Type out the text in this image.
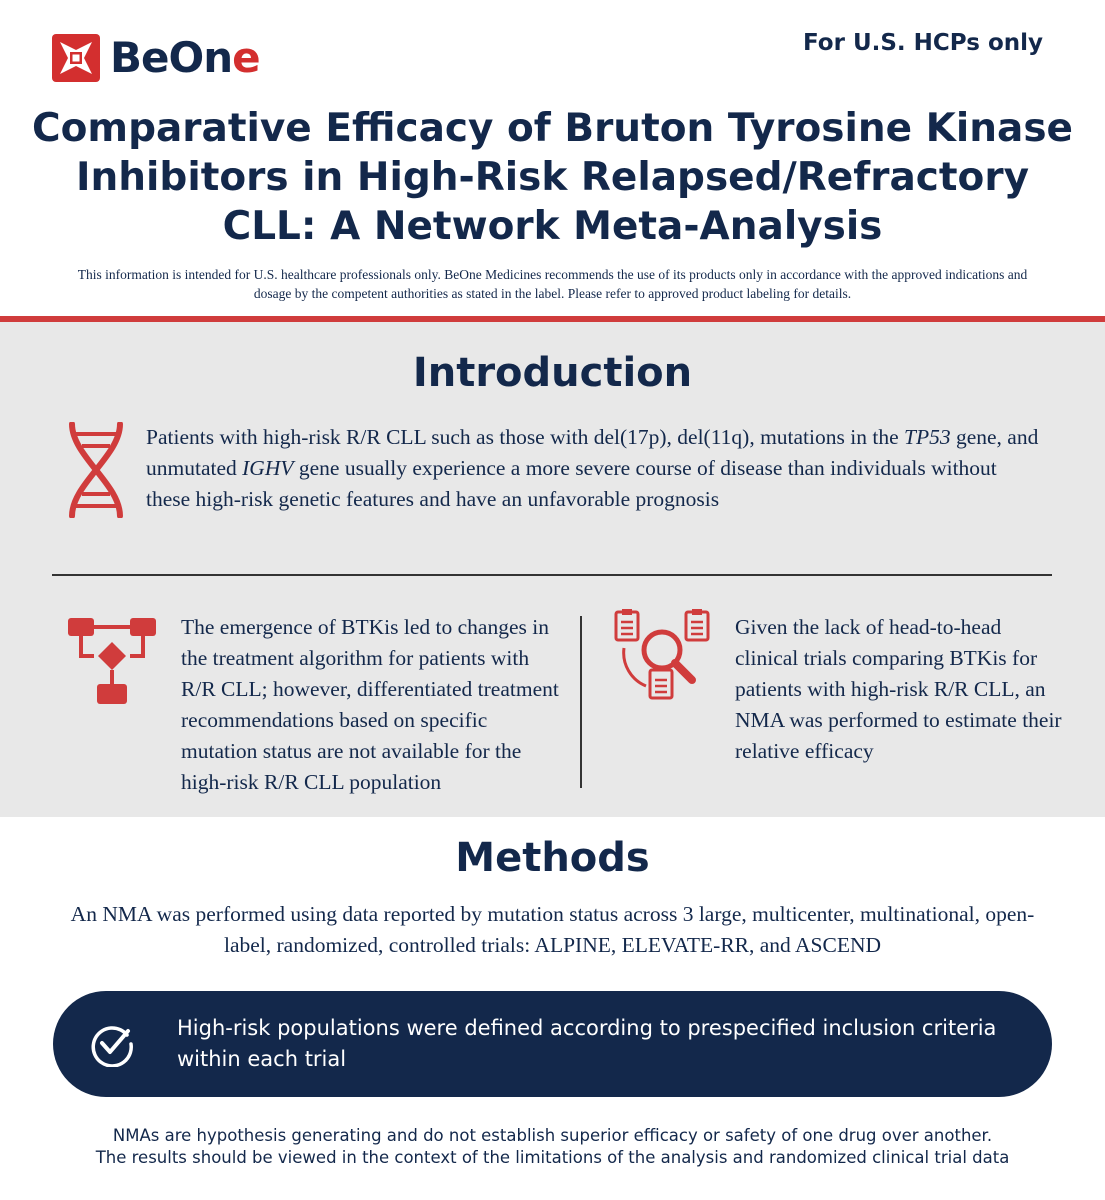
BeOne	For U.S. HCPs only
Comparative Efficacy of Bruton Tyrosine Kinase Inhibitors in High-Risk Relapsed/Refractory CLL: A Network Meta-Analysis

This information is intended for U.S. healthcare professionals only. BeOne Medicines recommends the use of its products only in accordance with the approved indications and dosage by the competent authorities as stated in the label. Please refer to approved product labeling for details.

Introduction

Patients with high-risk R/R CLL such as those with del(17p), del(11q), mutations in the TP53 gene, and unmutated IGHV gene usually experience a more severe course of disease than individuals without these high-risk genetic features and have an unfavorable prognosis

The emergence of BTKis led to changes in the treatment algorithm for patients with R/R CLL; however, differentiated treatment recommendations based on specific mutation status are not available for the high-risk R/R CLL population

Given the lack of head-to-head clinical trials comparing BTKis for patients with high-risk R/R CLL, an NMA was performed to estimate their relative efficacy

Methods

An NMA was performed using data reported by mutation status across 3 large, multicenter, multinational, open-label, randomized, controlled trials: ALPINE, ELEVATE-RR, and ASCEND

High-risk populations were defined according to prespecified inclusion criteria within each trial

NMAs are hypothesis generating and do not establish superior efficacy or safety of one drug over another.
The results should be viewed in the context of the limitations of the analysis and randomized clinical trial data
